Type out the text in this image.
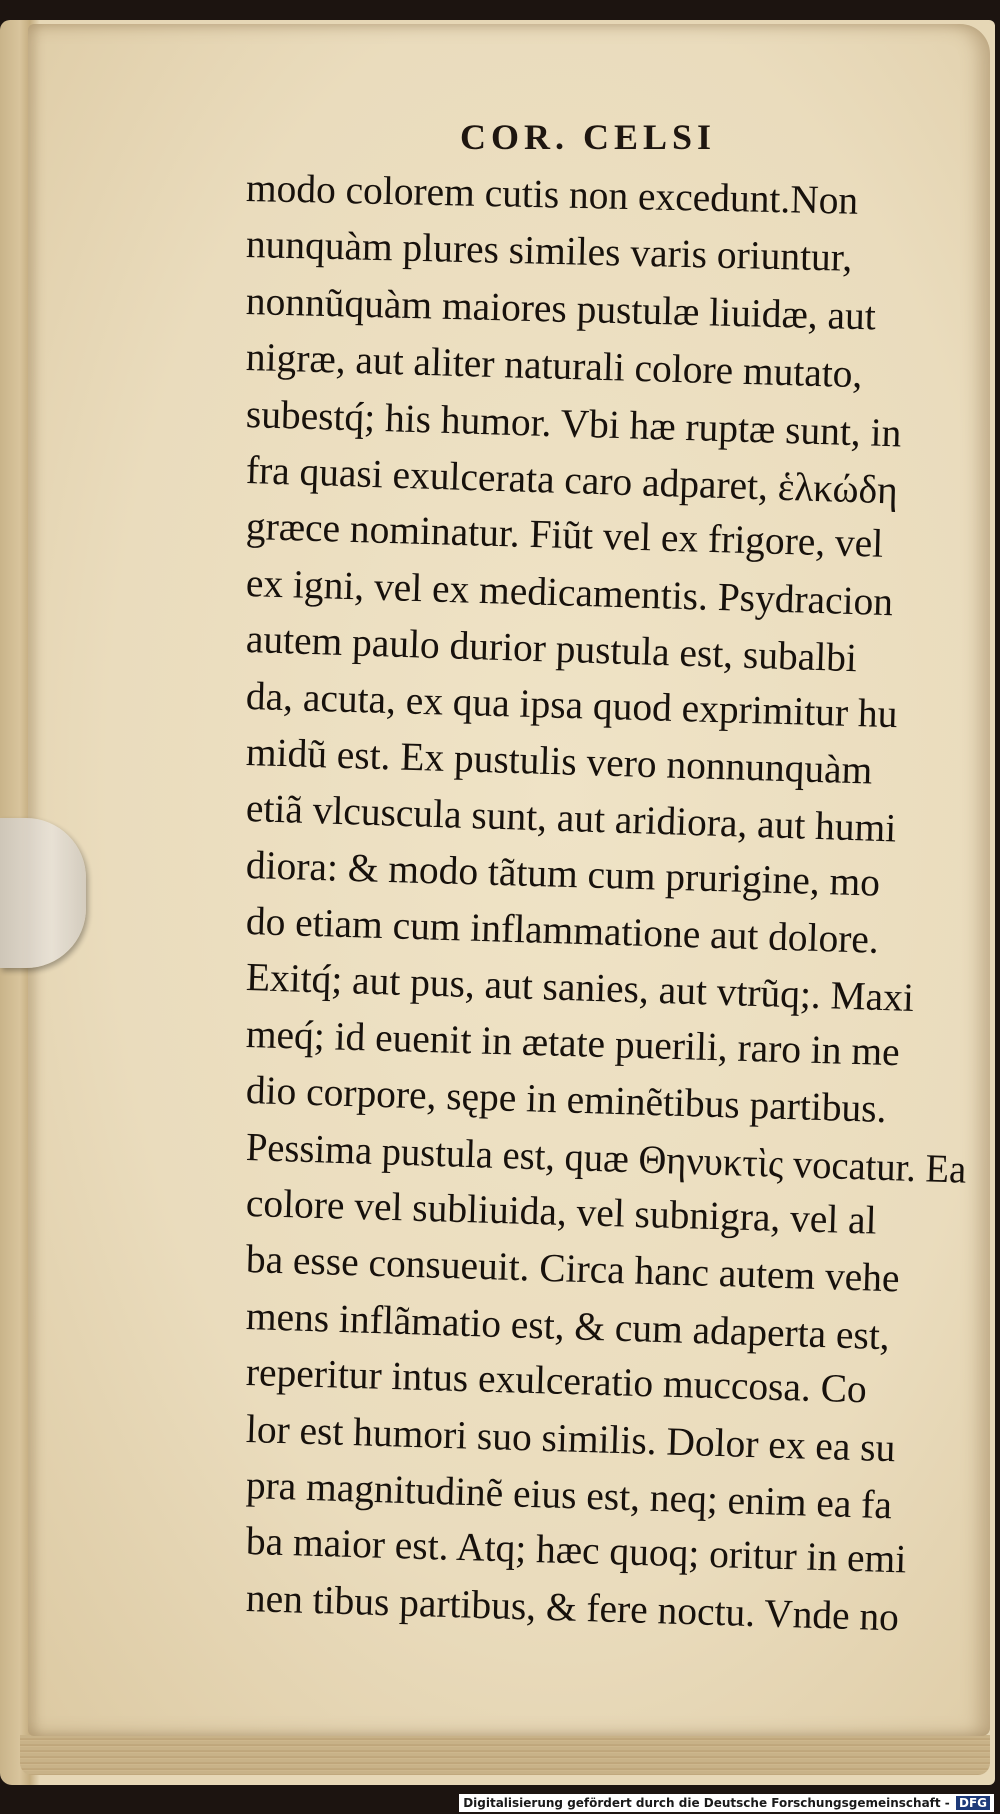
COR. CELSI
modo colorem cutis non excedunt.Non
nunquàm plures similes varis oriuntur,
nonnũquàm maiores pustulæ liuidæ, aut
nigræ, aut aliter naturali colore mutato,
subestq́; his humor. Vbi hæ ruptæ sunt, in
fra quasi exulcerata caro adparet, ἑλκώδη
græce nominatur. Fiũt vel ex frigore, vel
ex igni, vel ex medicamentis. Psydracion
autem paulo durior pustula est, subalbi
da, acuta, ex qua ipsa quod exprimitur hu
midũ est. Ex pustulis vero nonnunquàm
etiã vlcuscula sunt, aut aridiora, aut humi
diora: & modo tãtum cum prurigine, mo
do etiam cum inflammatione aut dolore.
Exitq́; aut pus, aut sanies, aut vtrũq;. Maxi
meq́; id euenit in ætate puerili, raro in me
dio corpore, sępe in eminẽtibus partibus.
Pessima pustula est, quæ Θηνυκτὶς vocatur. Ea
colore vel subliuida, vel subnigra, vel al
ba esse consueuit. Circa hanc autem vehe
mens inflãmatio est, & cum adaperta est,
reperitur intus exulceratio muccosa. Co
lor est humori suo similis. Dolor ex ea su
pra magnitudinẽ eius est, neq; enim ea fa
ba maior est. Atq; hæc quoq; oritur in emi
nen tibus partibus, & fere noctu. Vnde no
Digitalisierung gefördert durch die Deutsche Forschungsgemeinschaft - DFG
